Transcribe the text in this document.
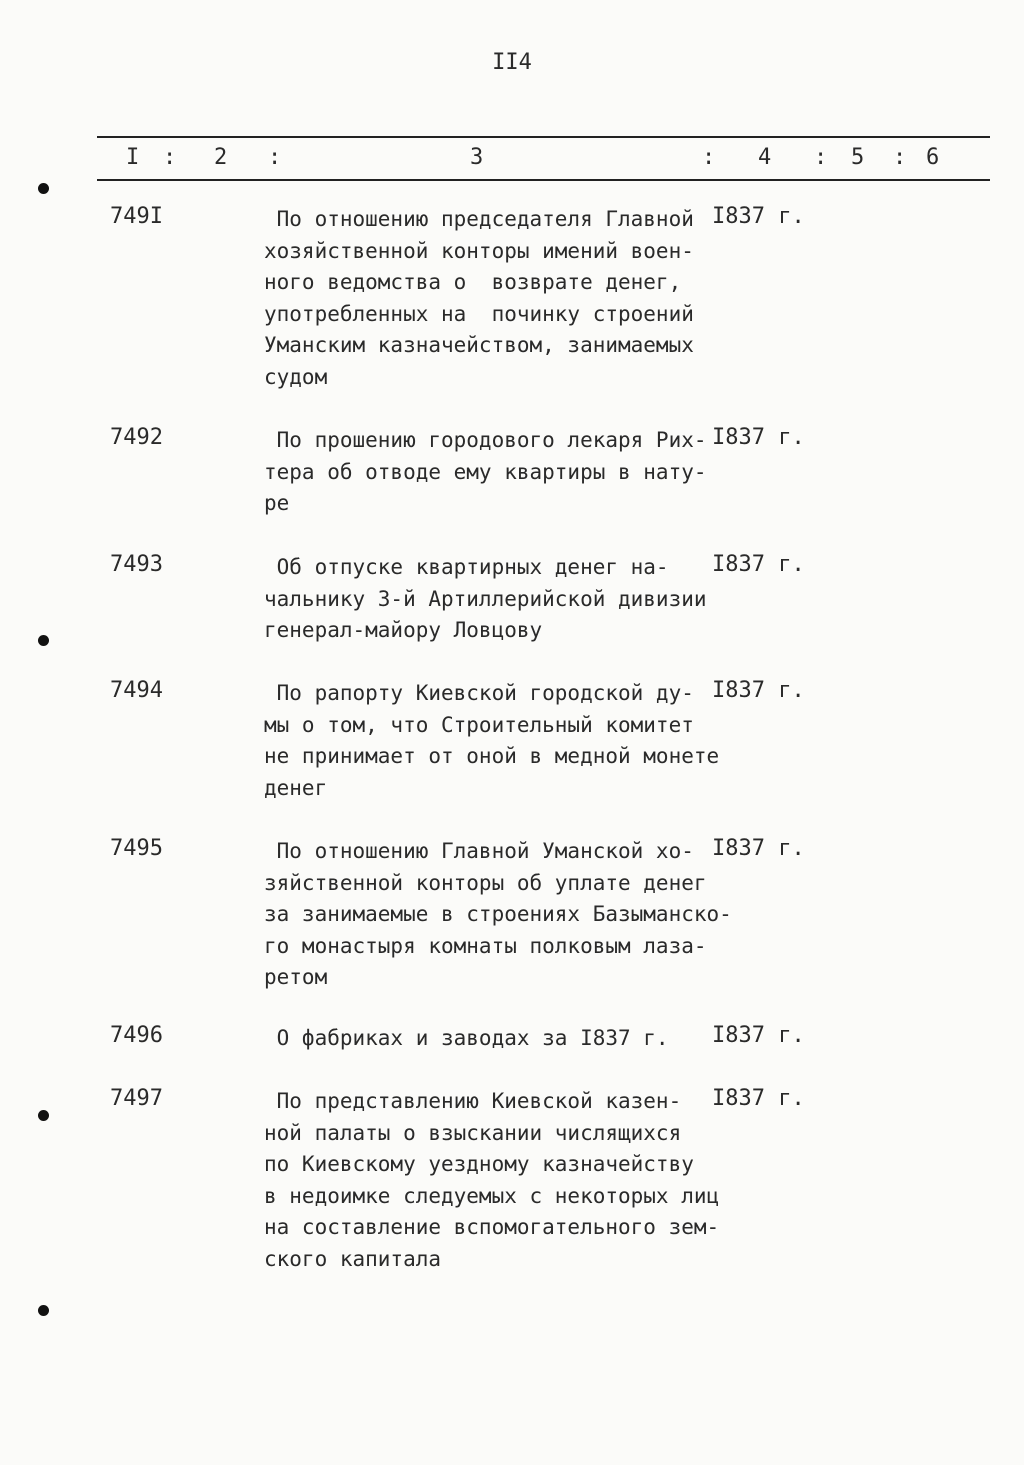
II4
I : 2 :	3	: 4 : 5 : 6
749I	По отношению председателя Главной
хозяйственной конторы имений воен-
ного ведомства о  возврате денег,
употребленных на  починку строений
Уманским казначейством, занимаемых
судом
I837 г.
7492	По прошению городового лекаря Рих-
тера об отводе ему квартиры в нату-
ре
I837 г.
7493	Об отпуске квартирных денег на-
чальнику 3-й Артиллерийской дивизии
генерал-майору Ловцову
I837 г.
7494	По рапорту Киевской городской ду-
мы о том, что Строительный комитет
не принимает от оной в медной монете
денег
I837 г.
7495	По отношению Главной Уманской хо-
зяйственной конторы об уплате денег
за занимаемые в строениях Базыманско-
го монастыря комнаты полковым лаза-
ретом
I837 г.
7496	О фабриках и заводах за I837 г.	I837 г.
7497	По представлению Киевской казен-
ной палаты о взыскании числящихся
по Киевскому уездному казначейству
в недоимке следуемых с некоторых лиц
на составление вспомогательного зем-
ского капитала
I837 г.
